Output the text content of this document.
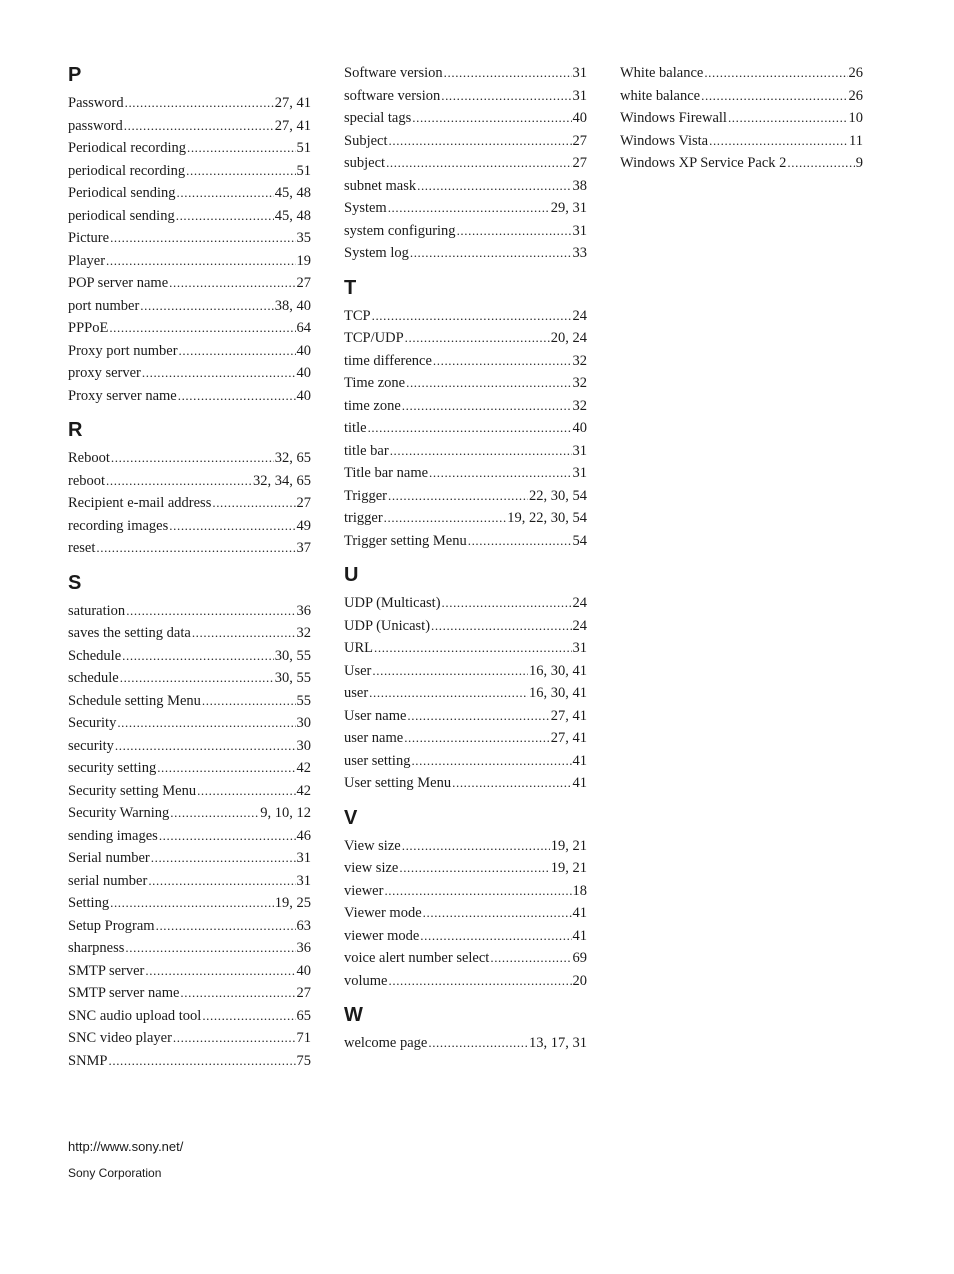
P
Password .....	27, 41
password .....	27, 41
Periodical recording .....	51
periodical recording .....	51
Periodical sending .....	45, 48
periodical sending .....	45, 48
Picture .....	35
Player .....	19
POP server name .....	27
port number .....	38, 40
PPPoE .....	64
Proxy port number .....	40
proxy server .....	40
Proxy server name .....	40
R
Reboot .....	32, 65
reboot .....	32, 34, 65
Recipient e-mail address .....	27
recording images .....	49
reset .....	37
S
saturation .....	36
saves the setting data .....	32
Schedule .....	30, 55
schedule .....	30, 55
Schedule setting Menu .....	55
Security .....	30
security .....	30
security setting .....	42
Security setting Menu .....	42
Security Warning .....	9, 10, 12
sending images .....	46
Serial number .....	31
serial number .....	31
Setting .....	19, 25
Setup Program .....	63
sharpness .....	36
SMTP server .....	40
SMTP server name .....	27
SNC audio upload tool .....	65
SNC video player .....	71
SNMP .....	75
Software version .....	31
software version .....	31
special tags .....	40
Subject .....	27
subject .....	27
subnet mask .....	38
System .....	29, 31
system configuring .....	31
System log .....	33
T
TCP .....	24
TCP/UDP .....	20, 24
time difference .....	32
Time zone .....	32
time zone .....	32
title .....	40
title bar .....	31
Title bar name .....	31
Trigger .....	22, 30, 54
trigger .....	19, 22, 30, 54
Trigger setting Menu .....	54
U
UDP (Multicast) .....	24
UDP (Unicast) .....	24
URL .....	31
User .....	16, 30, 41
user .....	16, 30, 41
User name .....	27, 41
user name .....	27, 41
user setting .....	41
User setting Menu .....	41
V
View size .....	19, 21
view size .....	19, 21
viewer .....	18
Viewer mode .....	41
viewer mode .....	41
voice alert number select .....	69
volume .....	20
W
welcome page .....	13, 17, 31
White balance .....	26
white balance .....	26
Windows Firewall .....	10
Windows Vista .....	11
Windows XP Service Pack 2 .....	9
http://www.sony.net/
Sony Corporation
